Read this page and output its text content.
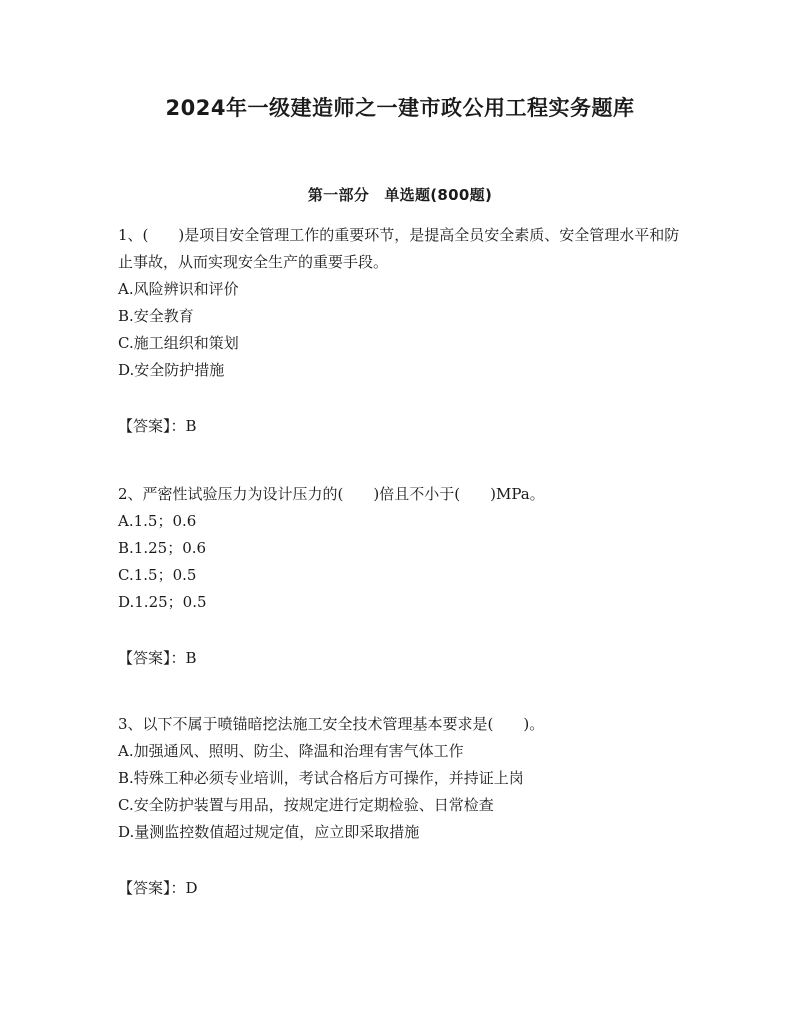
2024年一级建造师之一建市政公用工程实务题库
第一部分　单选题(800题)

1、(　　)是项目安全管理工作的重要环节，是提高全员安全素质、安全管理水平和防止事故，从而实现安全生产的重要手段。

A.风险辨识和评价
B.安全教育
C.施工组织和策划
D.安全防护措施
【答案】：B

2、严密性试验压力为设计压力的(　　)倍且不小于(　　)MPa。

A.1.5；0.6
B.1.25；0.6
C.1.5；0.5
D.1.25；0.5
【答案】：B

3、以下不属于喷锚暗挖法施工安全技术管理基本要求是(　　)。

A.加强通风、照明、防尘、降温和治理有害气体工作
B.特殊工种必须专业培训，考试合格后方可操作，并持证上岗
C.安全防护装置与用品，按规定进行定期检验、日常检查
D.量测监控数值超过规定值，应立即采取措施
【答案】：D
